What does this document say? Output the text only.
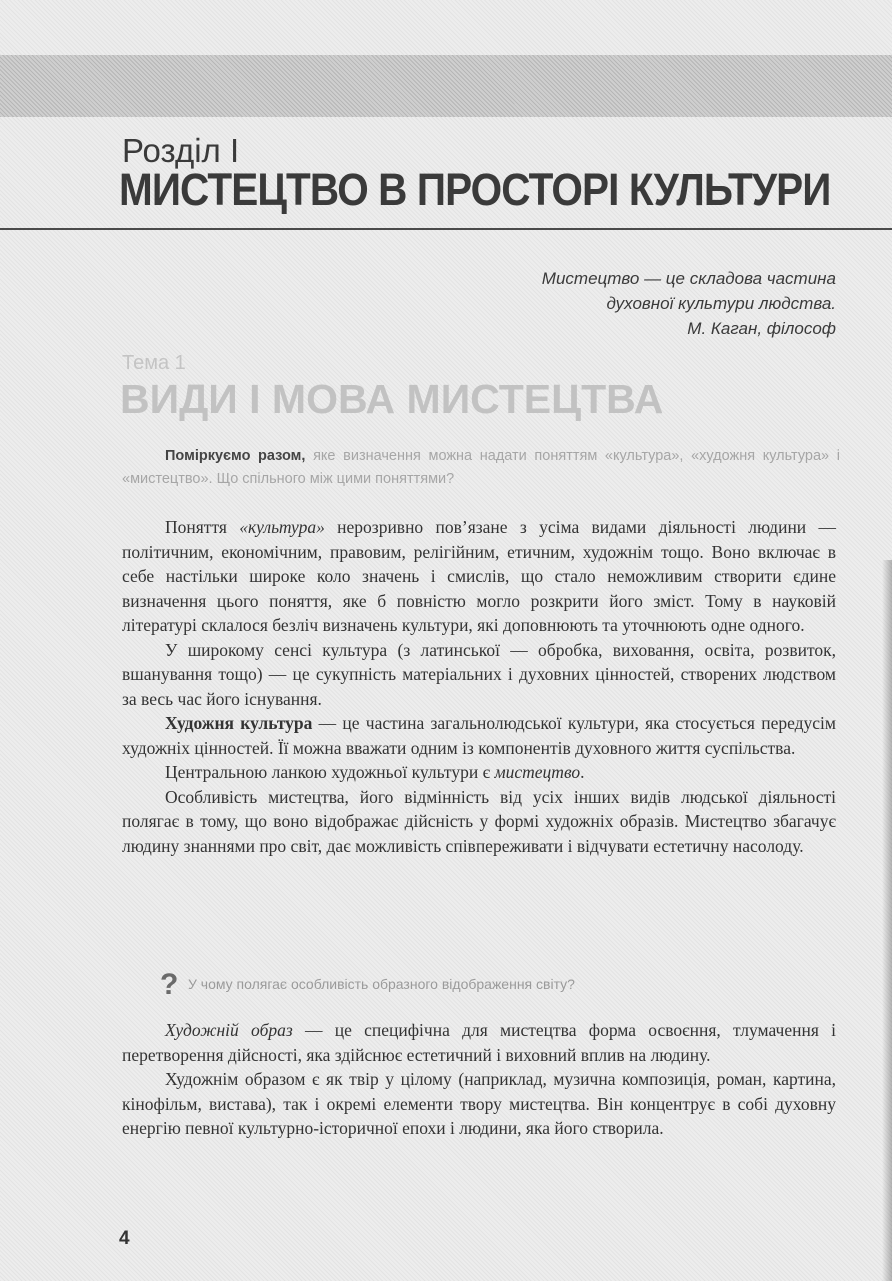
Розділ І
МИСТЕЦТВО В ПРОСТОРІ КУЛЬТУРИ
Мистецтво — це складова частина
духовної культури людства.
М. Каган, філософ
Тема 1
ВИДИ І МОВА МИСТЕЦТВА
Поміркуємо разом, яке визначення можна надати поняттям «культура», «художня культура» і «мистецтво». Що спільного між цими поняттями?

Поняття «культура» нерозривно пов’язане з усіма видами діяльності людини — політичним, економічним, правовим, релігійним, етичним, художнім тощо. Воно включає в себе настільки широке коло значень і смислів, що стало неможливим створити єдине визначення цього поняття, яке б повністю могло розкрити його зміст. Тому в науковій літературі склалося безліч визначень культури, які доповнюють та уточнюють одне одного.

У широкому сенсі культура (з латинської — обробка, виховання, освіта, розвиток, вшанування тощо) — це сукупність матеріальних і духовних цінностей, створених людством за весь час його існування.

Художня культура — це частина загальнолюдської культури, яка стосується передусім художніх цінностей. Її можна вважати одним із компонентів духовного життя суспільства.

Центральною ланкою художньої культури є мистецтво.

Особливість мистецтва, його відмінність від усіх інших видів людської діяльності полягає в тому, що воно відображає дійсність у формі художніх образів. Мистецтво збагачує людину знаннями про світ, дає можливість співпереживати і відчувати естетичну насолоду.

? У чому полягає особливість образного відображення світу?

Художній образ — це специфічна для мистецтва форма освоєння, тлумачення і перетворення дійсності, яка здійснює естетичний і виховний вплив на людину.

Художнім образом є як твір у цілому (наприклад, музична композиція, роман, картина, кінофільм, вистава), так і окремі елементи твору мистецтва. Він концентрує в собі духовну енергію певної культурно-історичної епохи і людини, яка його створила.

4
